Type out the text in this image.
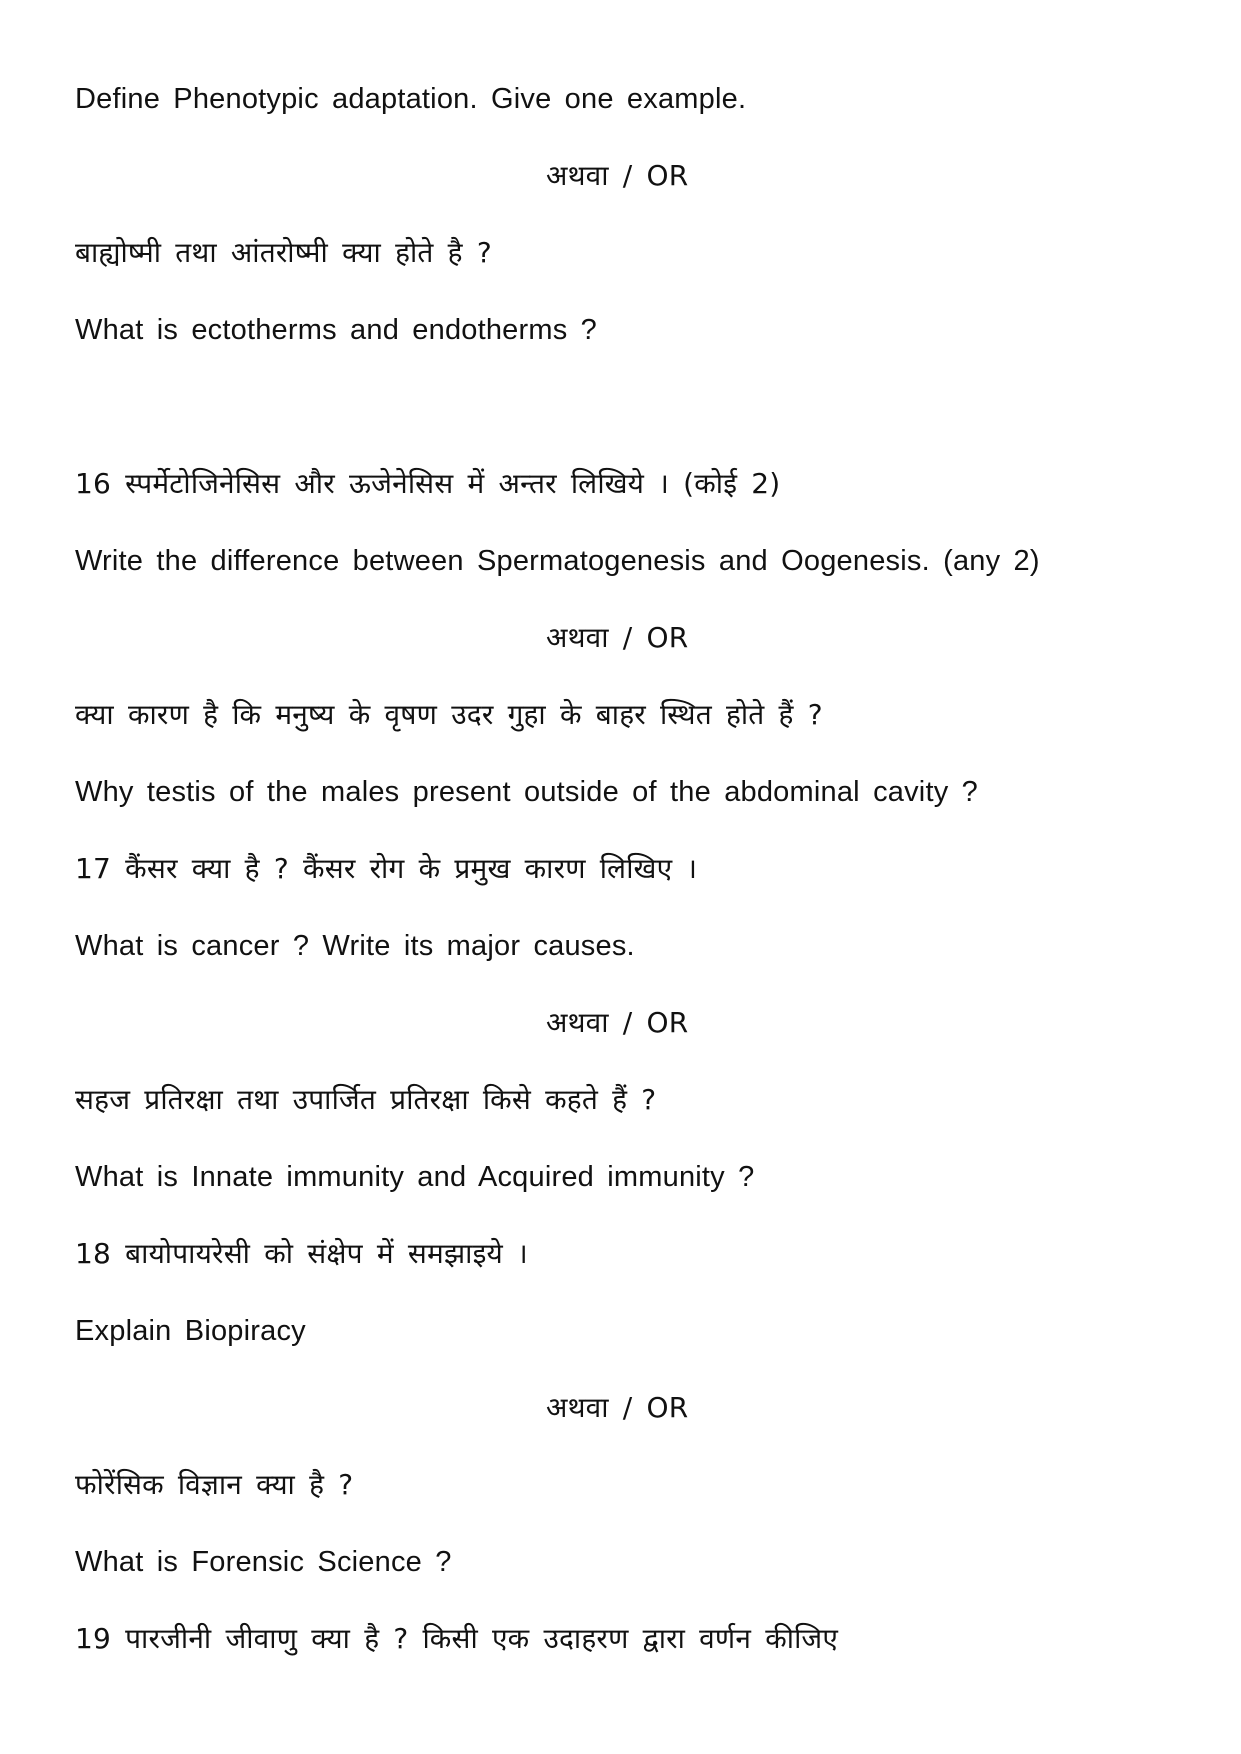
Define Phenotypic adaptation. Give one example.
अथवा / OR
बाह्योष्मी तथा आंतरोष्मी क्या होते है ?
What is ectotherms and endotherms ?
16 स्पर्मेटोजिनेसिस और ऊजेनेसिस में अन्तर लिखिये । (कोई 2)
Write the difference between Spermatogenesis and Oogenesis. (any 2)
अथवा / OR
क्या कारण है कि मनुष्य के वृषण उदर गुहा के बाहर स्थित होते हैं ?
Why testis of the males present outside of the abdominal cavity ?
17 कैंसर क्या है ? कैंसर रोग के प्रमुख कारण लिखिए ।
What is cancer ? Write its major causes.
अथवा / OR
सहज प्रतिरक्षा तथा उपार्जित प्रतिरक्षा किसे कहते हैं ?
What is Innate immunity and Acquired immunity ?
18 बायोपायरेसी को संक्षेप में समझाइये ।
Explain Biopiracy
अथवा / OR
फोरेंसिक विज्ञान क्या है ?
What is Forensic Science ?
19 पारजीनी जीवाणु क्या है ? किसी एक उदाहरण द्वारा वर्णन कीजिए
